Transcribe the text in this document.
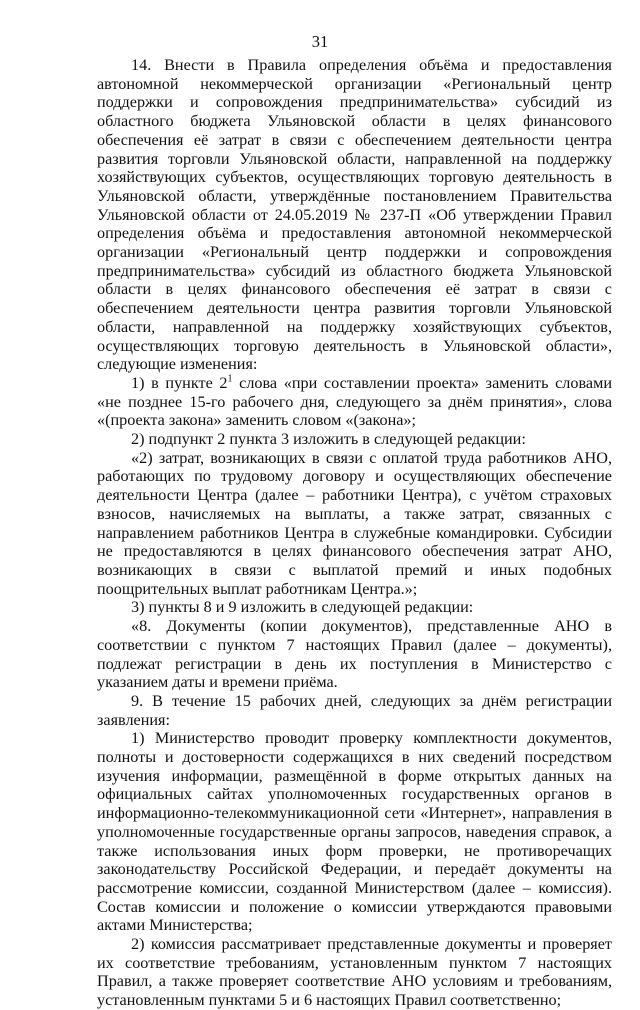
31

14. Внести в Правила определения объёма и предоставления автономной некоммерческой организации «Региональный центр поддержки и сопровождения предпринимательства» субсидий из областного бюджета Ульяновской области в целях финансового обеспечения её затрат в связи с обеспечением деятельности центра развития торговли Ульяновской области, направленной на поддержку хозяйствующих субъектов, осуществляющих торговую деятельность в Ульяновской области, утверждённые постановлением Правительства Ульяновской области от 24.05.2019 № 237-П «Об утверждении Правил определения объёма и предоставления автономной некоммерческой организации «Региональный центр поддержки и сопровождения предпринимательства» субсидий из областного бюджета Ульяновской области в целях финансового обеспечения её затрат в связи с обеспечением деятельности центра развития торговли Ульяновской области, направленной на поддержку хозяйствующих субъектов, осуществляющих торговую деятельность в Ульяновской области», следующие изменения:

1) в пункте $2^1$ слова «при составлении проекта» заменить словами «не позднее 15-го рабочего дня, следующего за днём принятия», слова «(проекта закона» заменить словом «(закона»;

2) подпункт 2 пункта 3 изложить в следующей редакции:

«2) затрат, возникающих в связи с оплатой труда работников АНО, работающих по трудовому договору и осуществляющих обеспечение деятельности Центра (далее – работники Центра), с учётом страховых взносов, начисляемых на выплаты, а также затрат, связанных с направлением работников Центра в служебные командировки. Субсидии не предоставляются в целях финансового обеспечения затрат АНО, возникающих в связи с выплатой премий и иных подобных поощрительных выплат работникам Центра.»;

3) пункты 8 и 9 изложить в следующей редакции:

«8. Документы (копии документов), представленные АНО в соответствии с пунктом 7 настоящих Правил (далее – документы), подлежат регистрации в день их поступления в Министерство с указанием даты и времени приёма.

9. В течение 15 рабочих дней, следующих за днём регистрации заявления:

1) Министерство проводит проверку комплектности документов, полноты и достоверности содержащихся в них сведений посредством изучения информации, размещённой в форме открытых данных на официальных сайтах уполномоченных государственных органов в информационно-телекоммуникационной сети «Интернет», направления в уполномоченные государственные органы запросов, наведения справок, а также использования иных форм проверки, не противоречащих законодательству Российской Федерации, и передаёт документы на рассмотрение комиссии, созданной Министерством (далее – комиссия). Состав комиссии и положение о комиссии утверждаются правовыми актами Министерства;

2) комиссия рассматривает представленные документы и проверяет их соответствие требованиям, установленным пунктом 7 настоящих Правил, а также проверяет соответствие АНО условиям и требованиям, установленным пунктами 5 и 6 настоящих Правил соответственно;
